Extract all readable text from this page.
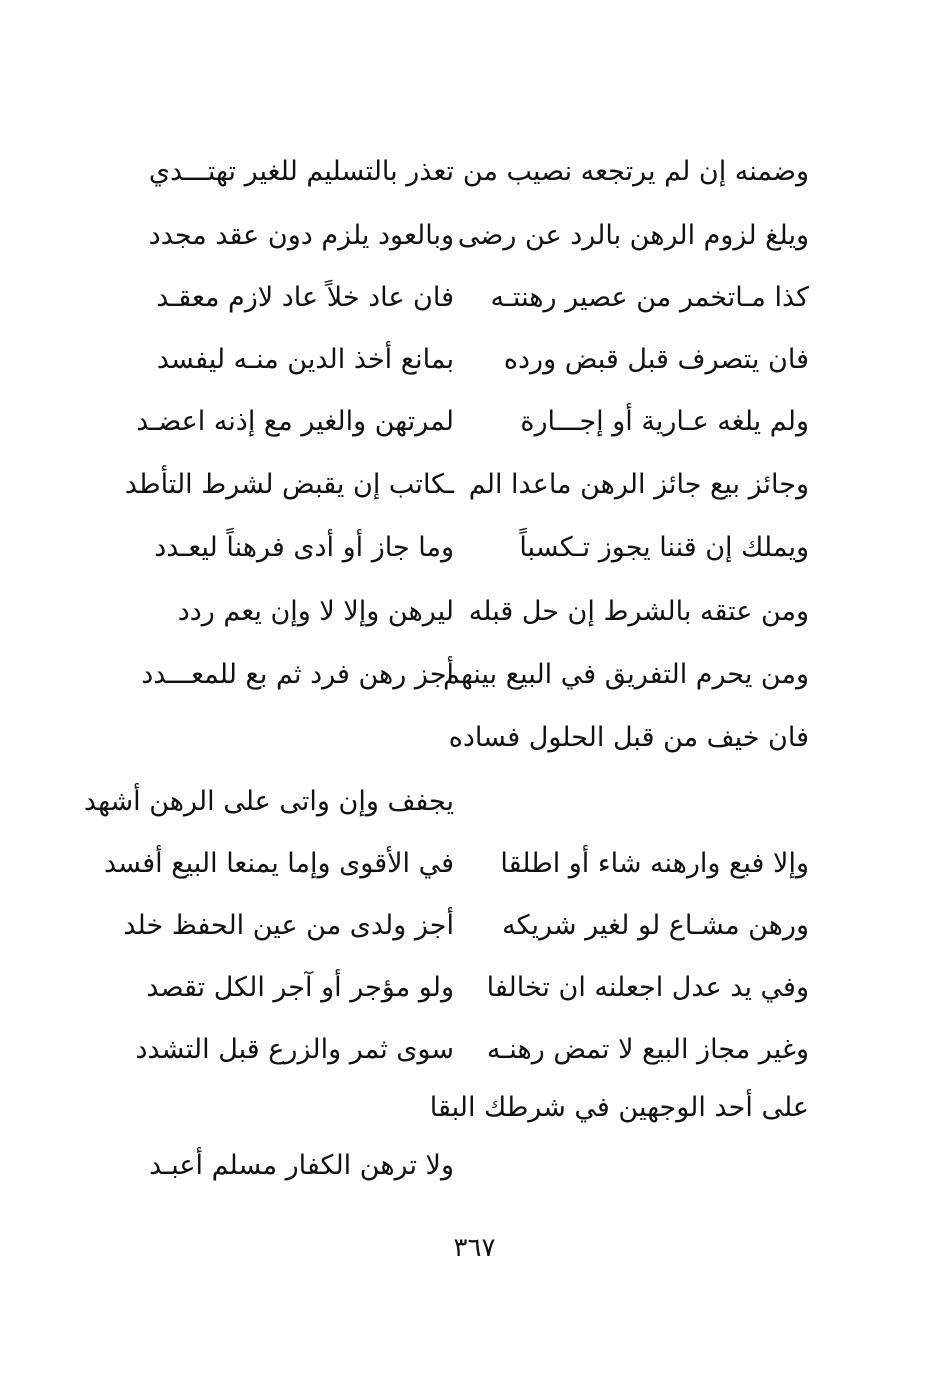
وضمنه إن لم يرتجعه نصيب من
تعذر بالتسليم للغير تهتـــدي
ويلغ لزوم الرهن بالرد عن رضى
وبالعود يلزم دون عقد مجدد
كذا مـاتخمر من عصير رهنتـه
فان عاد خلاً عاد لازم معقـد
فان يتصرف قبل قبض ورده
بمانع أخذ الدين منـه ليفسد
ولم يلغه عـارية أو إجـــارة
لمرتهن والغير مع إذنه اعضـد
وجائز بيع جائز الرهن ماعدا الم
ـكاتب إن يقبض لشرط التأطد
ويملك إن قننا يجوز تـكسباً
وما جاز أو أدى فرهناً ليعـدد
ومن عتقه بالشرط إن حل قبله
ليرهن وإلا لا وإن يعم ردد
ومن يحرم التفريق في البيع بينهم
أجز رهن فرد ثم بع للمعـــدد
فان خيف من قبل الحلول فساده
يجفف وإن واتى على الرهن أشهد
وإلا فبع وارهنه شاء أو اطلقا
في الأقوى وإما يمنعا البيع أفسد
ورهن مشـاع لو لغير شريكه
أجز ولدى من عين الحفظ خلد
وفي يد عدل اجعلنه ان تخالفا
ولو مؤجر أو آجر الكل تقصد
وغير مجاز البيع لا تمض رهنـه
سوى ثمر والزرع قبل التشدد
على أحد الوجهين في شرطك البقا
ولا ترهن الكفار مسلم أعبـد
٣٦٧
